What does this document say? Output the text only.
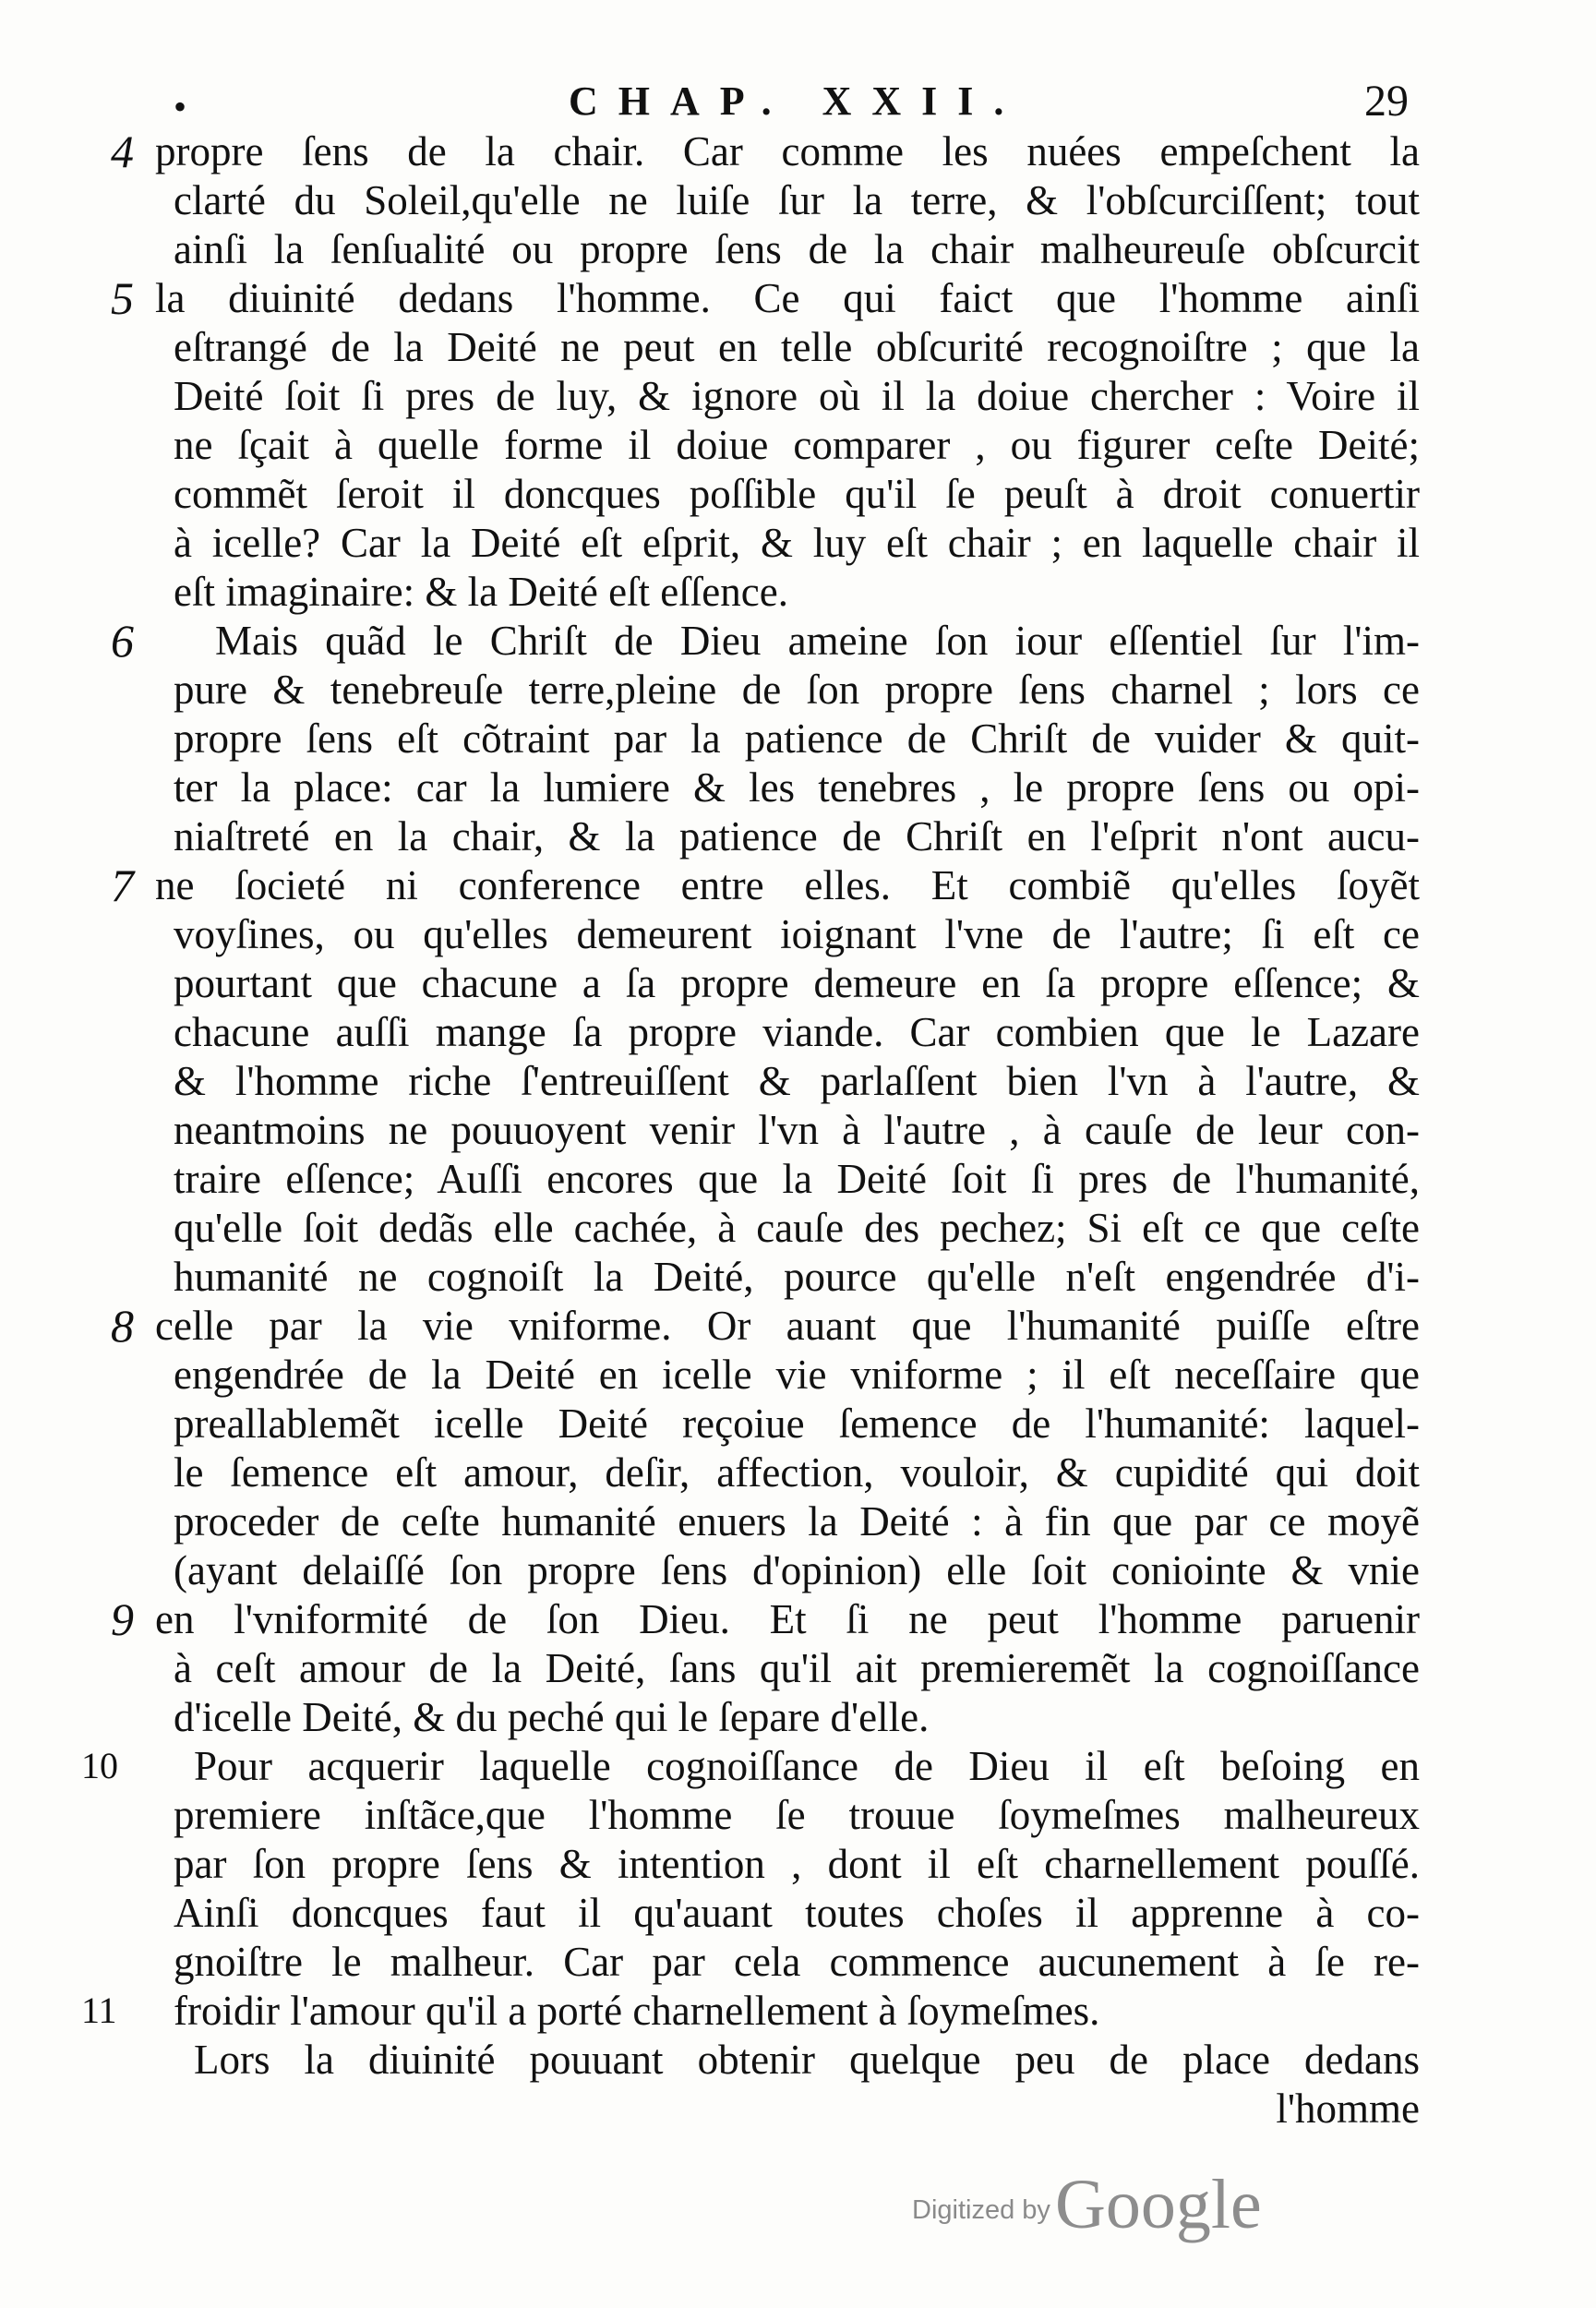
•	CHAP. XXII.	29
4
5
6
7
8
9
10
11
propre ſens de la chair. Car comme les nuées empeſchent la
clarté du Soleil,qu'elle ne luiſe ſur la terre, & l'obſcurciſſent; tout
ainſi la ſenſualité ou propre ſens de la chair malheureuſe obſcurcit
la diuinité dedans l'homme. Ce qui faict que l'homme ainſi
eſtrangé de la Deité ne peut en telle obſcurité recognoiſtre ; que la
Deité ſoit ſi pres de luy, & ignore où il la doiue chercher : Voire il
ne ſçait à quelle forme il doiue comparer , ou figurer ceſte Deité;
commẽt ſeroit il doncques poſſible qu'il ſe peuſt à droit conuertir
à icelle? Car la Deité eſt eſprit, & luy eſt chair ; en laquelle chair il
eſt imaginaire: & la Deité eſt eſſence.
Mais quãd le Chriſt de Dieu ameine ſon iour eſſentiel ſur l'im-
pure & tenebreuſe terre,pleine de ſon propre ſens charnel ; lors ce
propre ſens eſt cõtraint par la patience de Chriſt de vuider & quit-
ter la place: car la lumiere & les tenebres , le propre ſens ou opi-
niaſtreté en la chair, & la patience de Chriſt en l'eſprit n'ont aucu-
ne ſocieté ni conference entre elles. Et combiẽ qu'elles ſoyẽt
voyſines, ou qu'elles demeurent ioignant l'vne de l'autre; ſi eſt ce
pourtant que chacune a ſa propre demeure en ſa propre eſſence; &
chacune auſſi mange ſa propre viande. Car combien que le Lazare
& l'homme riche ſ'entreuiſſent & parlaſſent bien l'vn à l'autre, &
neantmoins ne pouuoyent venir l'vn à l'autre , à cauſe de leur con-
traire eſſence; Auſſi encores que la Deité ſoit ſi pres de l'humanité,
qu'elle ſoit dedãs elle cachée, à cauſe des pechez; Si eſt ce que ceſte
humanité ne cognoiſt la Deité, pource qu'elle n'eſt engendrée d'i-
celle par la vie vniforme. Or auant que l'humanité puiſſe eſtre
engendrée de la Deité en icelle vie vniforme ; il eſt neceſſaire que
preallablemẽt icelle Deité reçoiue ſemence de l'humanité: laquel-
le ſemence eſt amour, deſir, affection, vouloir, & cupidité qui doit
proceder de ceſte humanité enuers la Deité : à fin que par ce moyẽ
(ayant delaiſſé ſon propre ſens d'opinion) elle ſoit coniointe & vnie
en l'vniformité de ſon Dieu. Et ſi ne peut l'homme paruenir
à ceſt amour de la Deité, ſans qu'il ait premieremẽt la cognoiſſance
d'icelle Deité, & du peché qui le ſepare d'elle.
Pour acquerir laquelle cognoiſſance de Dieu il eſt beſoing en
premiere inſtãce,que l'homme ſe trouue ſoymeſmes malheureux
par ſon propre ſens & intention , dont il eſt charnellement pouſſé.
Ainſi doncques faut il qu'auant toutes choſes il apprenne à co-
gnoiſtre le malheur. Car par cela commence aucunement à ſe re-
froidir l'amour qu'il a porté charnellement à ſoymeſmes.
Lors la diuinité pouuant obtenir quelque peu de place dedans
l'homme
Digitized by Google
